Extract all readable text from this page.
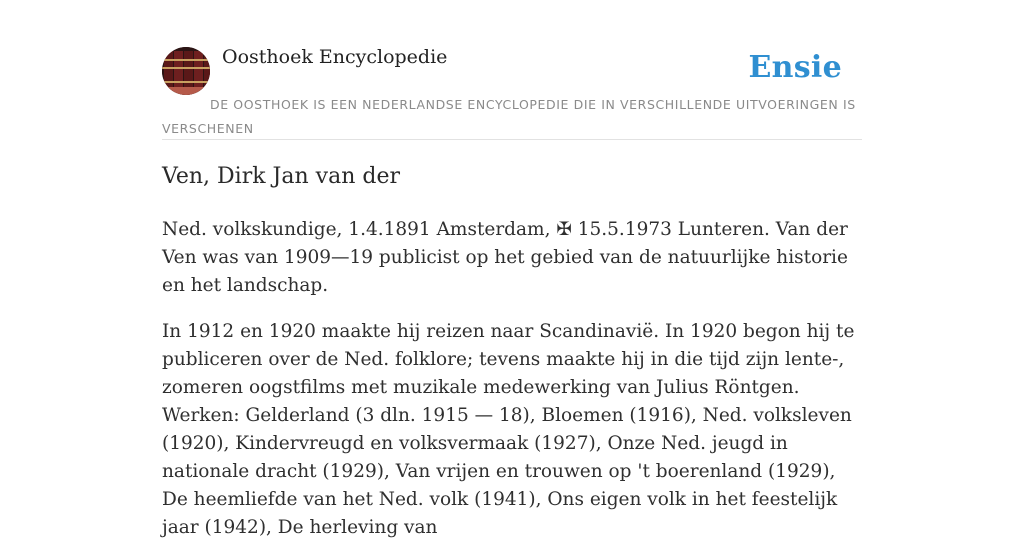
Oosthoek Encyclopedie	Ensie
DE OOSTHOEK IS EEN NEDERLANDSE ENCYCLOPEDIE DIE IN VERSCHILLENDE UITVOERINGEN IS VERSCHENEN
Ven, Dirk Jan van der

Ned. volkskundige, 1.4.1891 Amsterdam, ✠ 15.5.1973 Lunteren. Van der Ven was van 1909—19 publicist op het gebied van de natuurlijke historie en het landschap.

In 1912 en 1920 maakte hij reizen naar Scandinavië. In 1920 begon hij te publiceren over de Ned. folklore; tevens maakte hij in die tijd zijn lente-, zomeren oogstfilms met muzikale medewerking van Julius Röntgen. Werken: Gelderland (3 dln. 1915 — 18), Bloemen (1916), Ned. volksleven (1920), Kindervreugd en volksvermaak (1927), Onze Ned. jeugd in nationale dracht (1929), Van vrijen en trouwen op 't boerenland (1929), De heemliefde van het Ned. volk (1941), Ons eigen volk in het feestelijk jaar (1942), De herleving van
